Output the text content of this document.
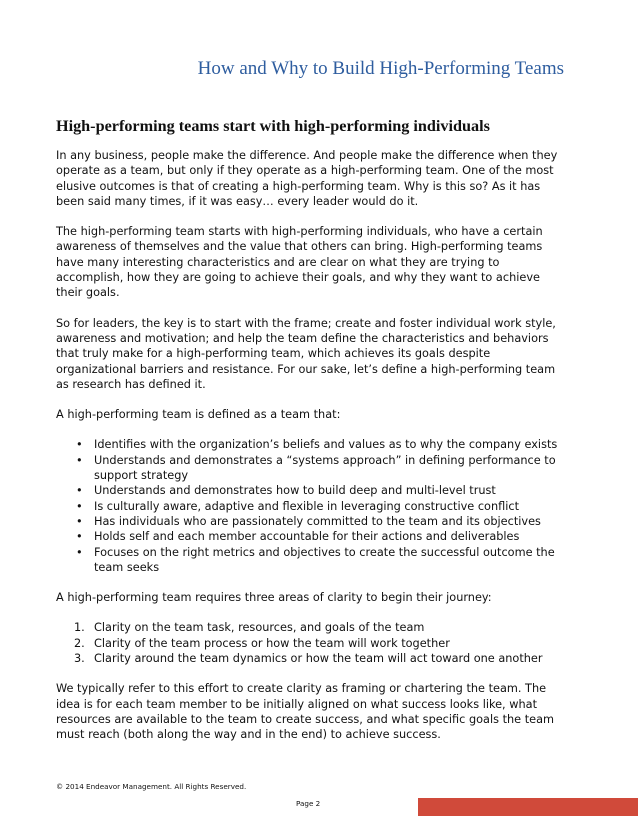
How and Why to Build High-Performing Teams
High-performing teams start with high-performing individuals

In any business, people make the difference. And people make the difference when they operate as a team, but only if they operate as a high-performing team. One of the most elusive outcomes is that of creating a high-performing team. Why is this so? As it has been said many times, if it was easy… every leader would do it.

The high-performing team starts with high-performing individuals, who have a certain awareness of themselves and the value that others can bring. High-performing teams have many interesting characteristics and are clear on what they are trying to accomplish, how they are going to achieve their goals, and why they want to achieve their goals.

So for leaders, the key is to start with the frame; create and foster individual work style, awareness and motivation; and help the team define the characteristics and behaviors that truly make for a high-performing team, which achieves its goals despite organizational barriers and resistance. For our sake, let’s define a high-performing team as research has defined it.

A high-performing team is defined as a team that:

• Identifies with the organization’s beliefs and values as to why the company exists
• Understands and demonstrates a “systems approach” in defining performance to support strategy
• Understands and demonstrates how to build deep and multi-level trust
• Is culturally aware, adaptive and flexible in leveraging constructive conflict
• Has individuals who are passionately committed to the team and its objectives
• Holds self and each member accountable for their actions and deliverables
• Focuses on the right metrics and objectives to create the successful outcome the team seeks

A high-performing team requires three areas of clarity to begin their journey:

1. Clarity on the team task, resources, and goals of the team
2. Clarity of the team process or how the team will work together
3. Clarity around the team dynamics or how the team will act toward one another

We typically refer to this effort to create clarity as framing or chartering the team. The idea is for each team member to be initially aligned on what success looks like, what resources are available to the team to create success, and what specific goals the team must reach (both along the way and in the end) to achieve success.

© 2014 Endeavor Management. All Rights Reserved.
Page 2
